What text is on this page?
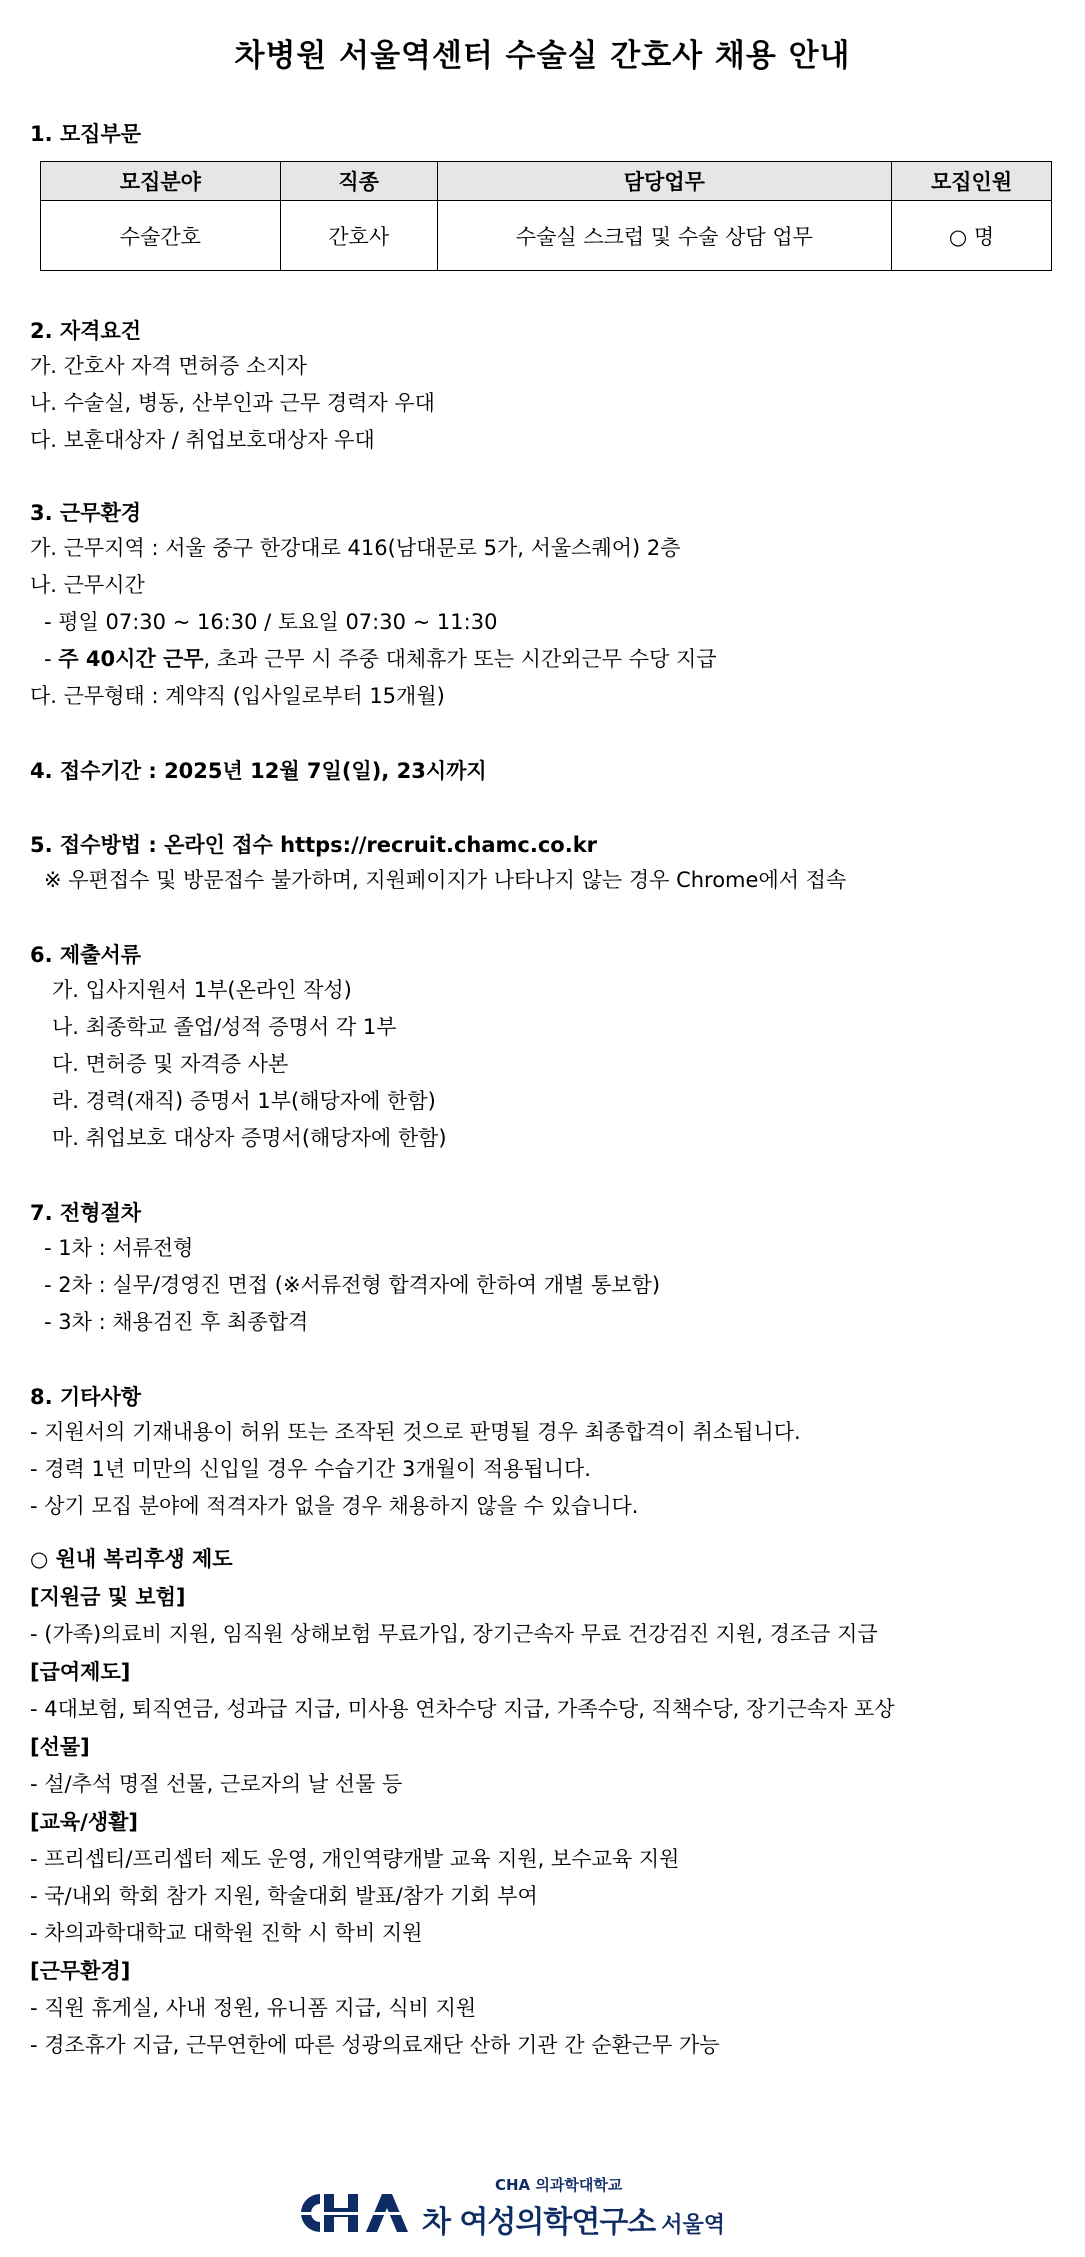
차병원 서울역센터 수술실 간호사 채용 안내
1. 모집부문
모집분야	직종	담당업무	모집인원
수술간호	간호사	수술실 스크럽 및 수술 상담 업무	○ 명
2. 자격요건
가. 간호사 자격 면허증 소지자
나. 수술실, 병동, 산부인과 근무 경력자 우대
다. 보훈대상자 / 취업보호대상자 우대
3. 근무환경
가. 근무지역 : 서울 중구 한강대로 416(남대문로 5가, 서울스퀘어) 2층
나. 근무시간
- 평일 07:30 ~ 16:30 / 토요일 07:30 ~ 11:30
- 주 40시간 근무, 초과 근무 시 주중 대체휴가 또는 시간외근무 수당 지급
다. 근무형태 : 계약직 (입사일로부터 15개월)
4. 접수기간 : 2025년 12월 7일(일), 23시까지
5. 접수방법 : 온라인 접수 https://recruit.chamc.co.kr
※ 우편접수 및 방문접수 불가하며, 지원페이지가 나타나지 않는 경우 Chrome에서 접속
6. 제출서류
가. 입사지원서 1부(온라인 작성)
나. 최종학교 졸업/성적 증명서 각 1부
다. 면허증 및 자격증 사본
라. 경력(재직) 증명서 1부(해당자에 한함)
마. 취업보호 대상자 증명서(해당자에 한함)
7. 전형절차
- 1차 : 서류전형
- 2차 : 실무/경영진 면접 (※서류전형 합격자에 한하여 개별 통보함)
- 3차 : 채용검진 후 최종합격
8. 기타사항
- 지원서의 기재내용이 허위 또는 조작된 것으로 판명될 경우 최종합격이 취소됩니다.
- 경력 1년 미만의 신입일 경우 수습기간 3개월이 적용됩니다.
- 상기 모집 분야에 적격자가 없을 경우 채용하지 않을 수 있습니다.
○ 원내 복리후생 제도
[지원금 및 보험]
- (가족)의료비 지원, 임직원 상해보험 무료가입, 장기근속자 무료 건강검진 지원, 경조금 지급
[급여제도]
- 4대보험, 퇴직연금, 성과급 지급, 미사용 연차수당 지급, 가족수당, 직책수당, 장기근속자 포상
[선물]
- 설/추석 명절 선물, 근로자의 날 선물 등
[교육/생활]
- 프리셉티/프리셉터 제도 운영, 개인역량개발 교육 지원, 보수교육 지원
- 국/내외 학회 참가 지원, 학술대회 발표/참가 기회 부여
- 차의과학대학교 대학원 진학 시 학비 지원
[근무환경]
- 직원 휴게실, 사내 정원, 유니폼 지급, 식비 지원
- 경조휴가 지급, 근무연한에 따른 성광의료재단 산하 기관 간 순환근무 가능
CHA 의과학대학교
차 여성의학연구소 서울역
